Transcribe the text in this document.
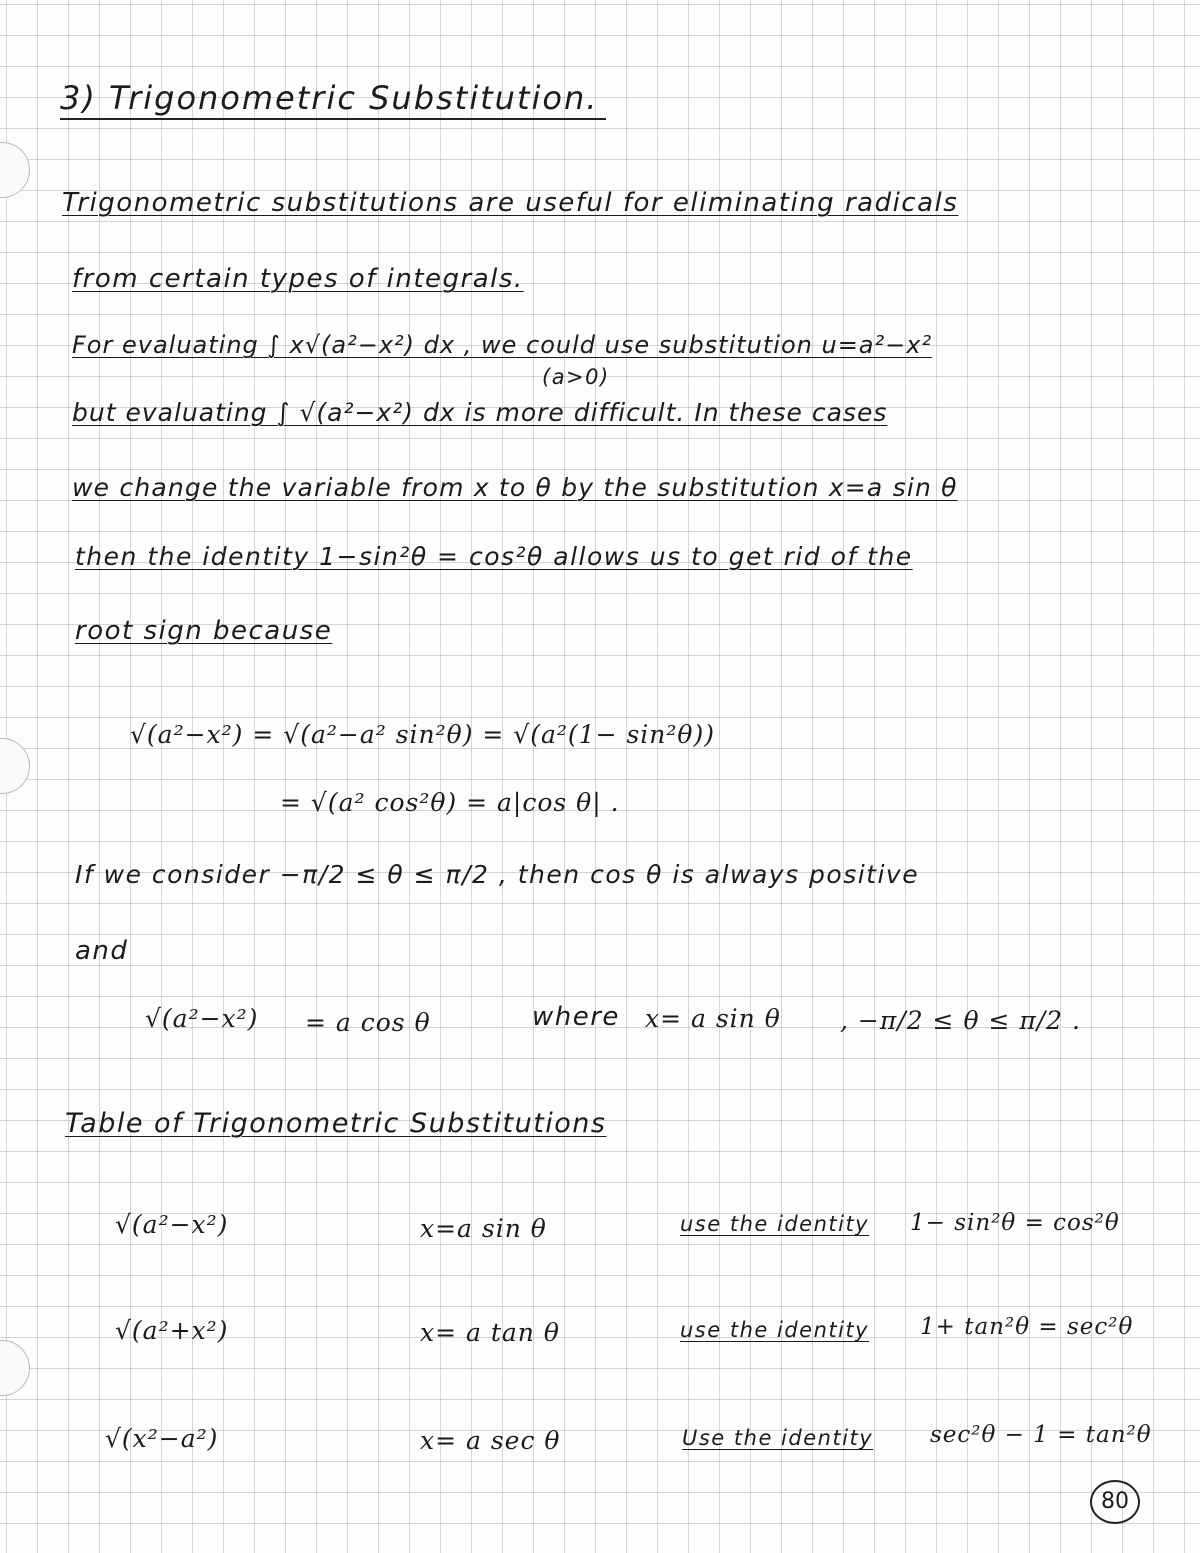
3) Trigonometric Substitution.
Trigonometric substitutions are useful for eliminating radicals
from certain types of integrals.
For evaluating ∫ x√(a²−x²) dx , we could use substitution u=a²−x²
(a>0)
but evaluating ∫ √(a²−x²) dx is more difficult. In these cases
we change the variable from x to θ by the substitution x=a sin θ
then the identity 1−sin²θ = cos²θ allows us to get rid of the
root sign because
√(a²−x²) = √(a²−a² sin²θ) = √(a²(1− sin²θ))
= √(a² cos²θ) = a|cos θ| .
If we consider −π/2 ≤ θ ≤ π/2 , then cos θ is always positive
and
√(a²−x²) = a cos θ	where x= a sin θ , −π/2 ≤ θ ≤ π/2 .
Table of Trigonometric Substitutions
√(a²−x²)	x=a sin θ	use the identity 1− sin²θ = cos²θ
√(a²+x²)	x= a tan θ	use the identity 1+ tan²θ = sec²θ
√(x²−a²)	x= a sec θ	Use the identity sec²θ − 1 = tan²θ
80
